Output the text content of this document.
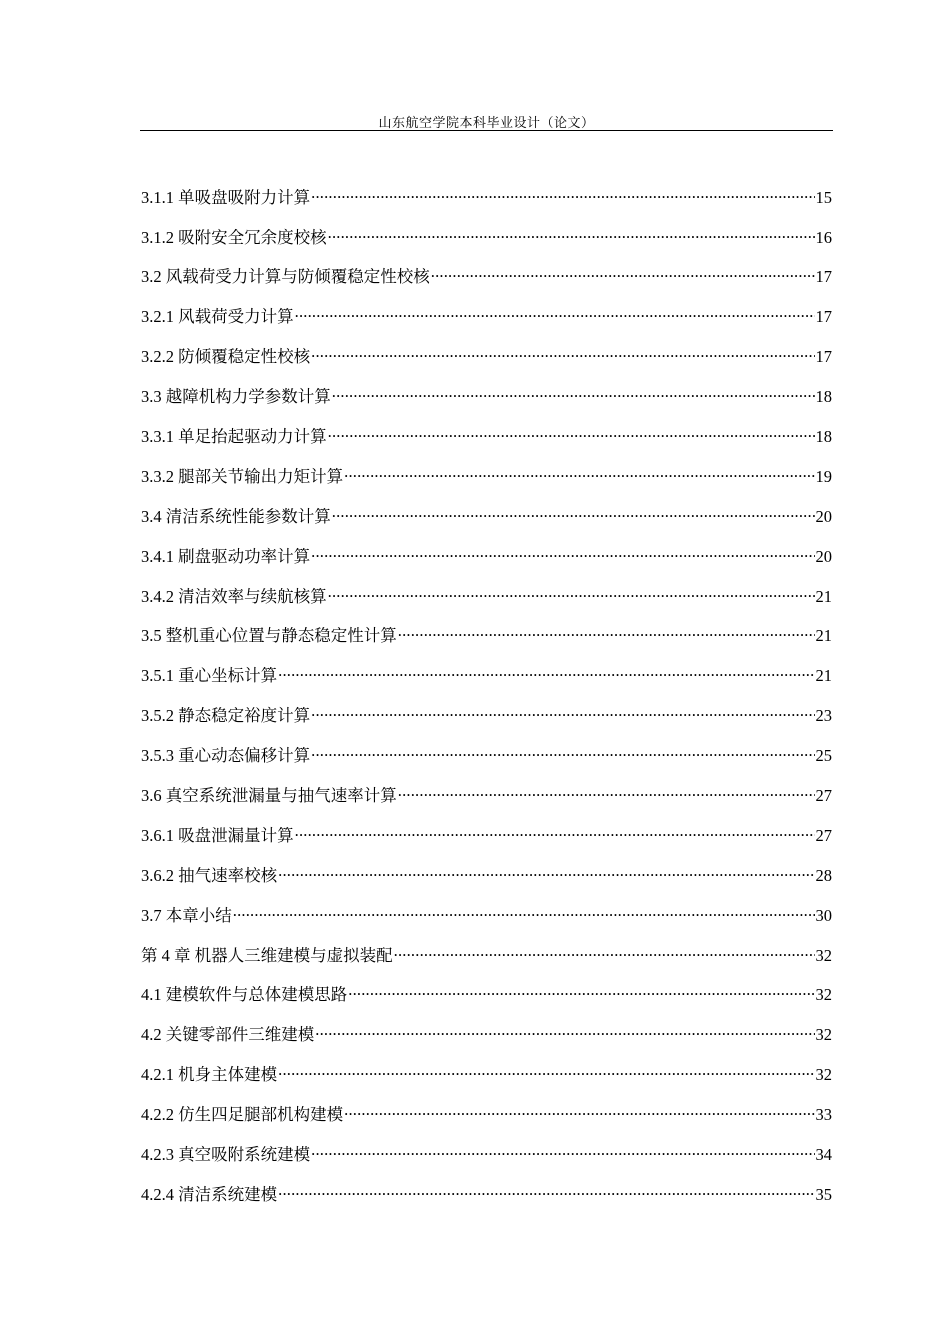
山东航空学院本科毕业设计（论文）
3.1.1 单吸盘吸附力计算 .....	15
3.1.2 吸附安全冗余度校核 .....	16
3.2 风载荷受力计算与防倾覆稳定性校核 .....	17
3.2.1 风载荷受力计算 .....	17
3.2.2 防倾覆稳定性校核 .....	17
3.3 越障机构力学参数计算 .....	18
3.3.1 单足抬起驱动力计算 .....	18
3.3.2 腿部关节输出力矩计算 .....	19
3.4 清洁系统性能参数计算 .....	20
3.4.1 刷盘驱动功率计算 .....	20
3.4.2 清洁效率与续航核算 .....	21
3.5 整机重心位置与静态稳定性计算 .....	21
3.5.1 重心坐标计算 .....	21
3.5.2 静态稳定裕度计算 .....	23
3.5.3 重心动态偏移计算 .....	25
3.6 真空系统泄漏量与抽气速率计算 .....	27
3.6.1 吸盘泄漏量计算 .....	27
3.6.2 抽气速率校核 .....	28
3.7 本章小结 .....	30
第 4 章 机器人三维建模与虚拟装配 .....	32
4.1 建模软件与总体建模思路 .....	32
4.2 关键零部件三维建模 .....	32
4.2.1 机身主体建模 .....	32
4.2.2 仿生四足腿部机构建模 .....	33
4.2.3 真空吸附系统建模 .....	34
4.2.4 清洁系统建模 .....	35
